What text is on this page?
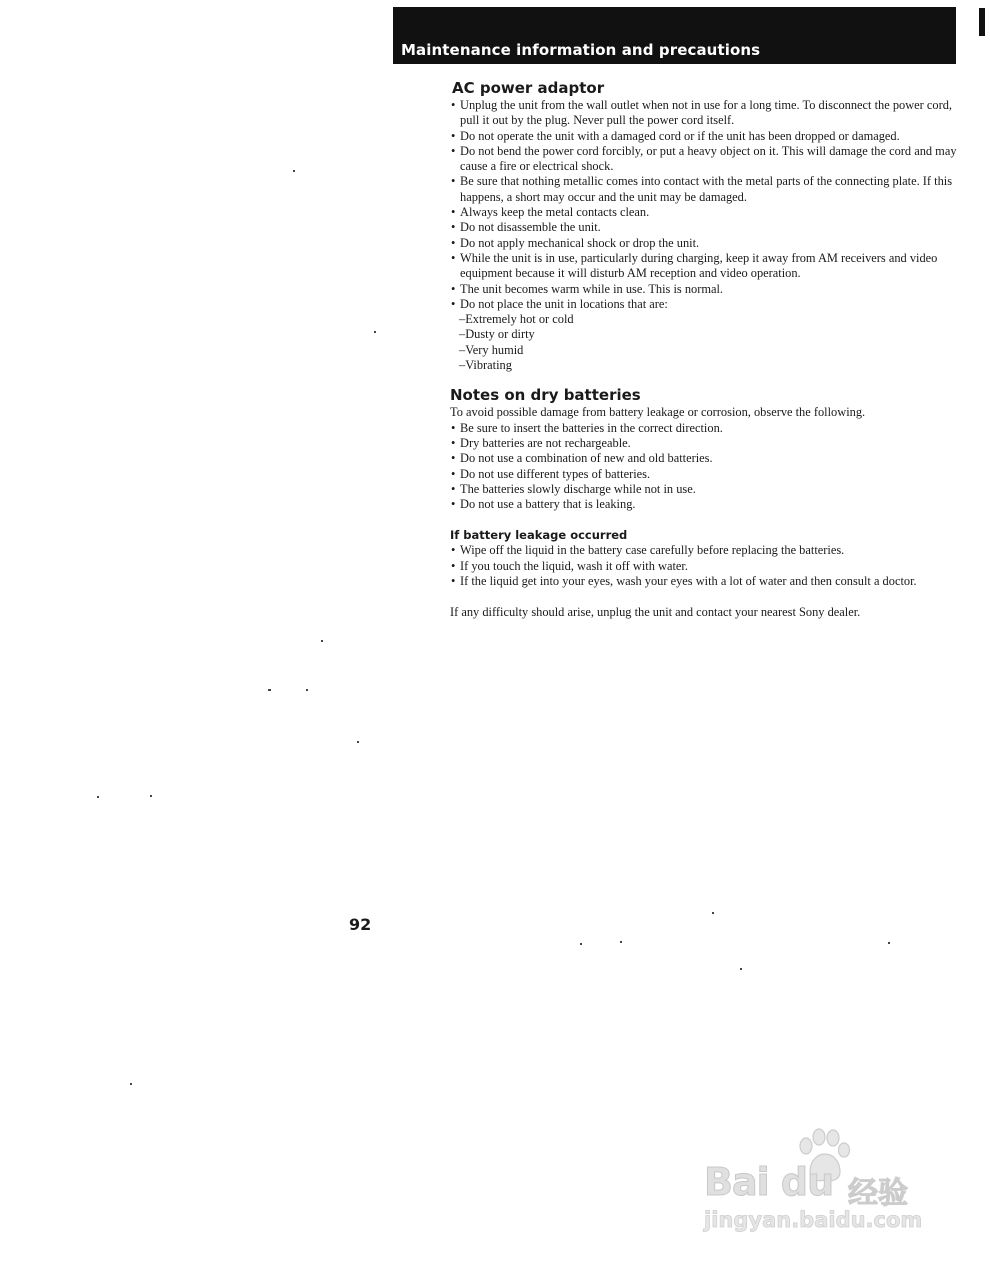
Maintenance information and precautions
AC power adaptor
• Unplug the unit from the wall outlet when not in use for a long time. To disconnect the power cord, pull it out by the plug. Never pull the power cord itself.
• Do not operate the unit with a damaged cord or if the unit has been dropped or damaged.
• Do not bend the power cord forcibly, or put a heavy object on it. This will damage the cord and may cause a fire or electrical shock.
• Be sure that nothing metallic comes into contact with the metal parts of the connecting plate. If this happens, a short may occur and the unit may be damaged.
• Always keep the metal contacts clean.
• Do not disassemble the unit.
• Do not apply mechanical shock or drop the unit.
• While the unit is in use, particularly during charging, keep it away from AM receivers and video equipment because it will disturb AM reception and video operation.
• The unit becomes warm while in use. This is normal.
• Do not place the unit in locations that are:
– Extremely hot or cold
– Dusty or dirty
– Very humid
– Vibrating
Notes on dry batteries

To avoid possible damage from battery leakage or corrosion, observe the following.

• Be sure to insert the batteries in the correct direction.
• Dry batteries are not rechargeable.
• Do not use a combination of new and old batteries.
• Do not use different types of batteries.
• The batteries slowly discharge while not in use.
• Do not use a battery that is leaking.
If battery leakage occurred
• Wipe off the liquid in the battery case carefully before replacing the batteries.
• If you touch the liquid, wash it off with water.
• If the liquid get into your eyes, wash your eyes with a lot of water and then consult a doctor.

If any difficulty should arise, unplug the unit and contact your nearest Sony dealer.

92
Bai du 经验
jingyan.baidu.com
